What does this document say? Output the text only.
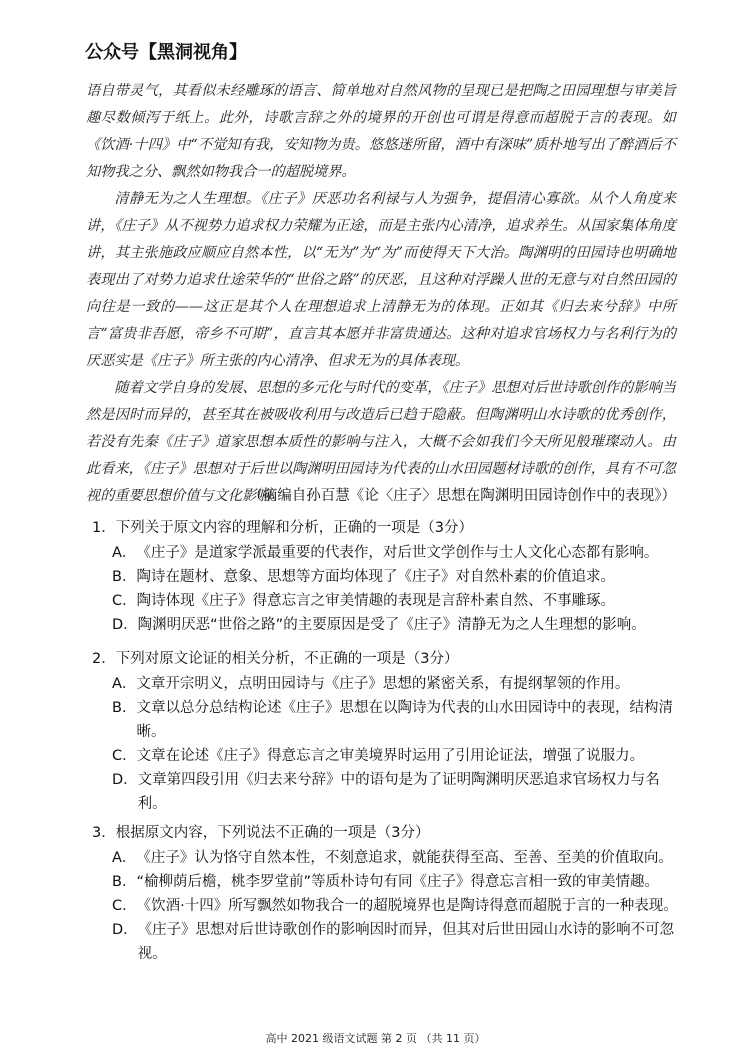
公众号【黑洞视角】

语自带灵气，其看似未经雕琢的语言、简单地对自然风物的呈现已是把陶之田园理想与审美旨趣尽数倾泻于纸上。此外，诗歌言辞之外的境界的开创也可谓是得意而超脱于言的表现。如《饮酒·十四》中“不觉知有我，安知物为贵。悠悠迷所留，酒中有深味”质朴地写出了醉酒后不知物我之分、飘然如物我合一的超脱境界。

清静无为之人生理想。《庄子》厌恶功名利禄与人为强争，提倡清心寡欲。从个人角度来讲，《庄子》从不视势力追求权力荣耀为正途，而是主张内心清净，追求养生。从国家集体角度讲，其主张施政应顺应自然本性，以“无为”为“为”而使得天下大治。陶渊明的田园诗也明确地表现出了对势力追求仕途荣华的“世俗之路”的厌恶，且这种对浮躁人世的无意与对自然田园的向往是一致的——这正是其个人在理想追求上清静无为的体现。正如其《归去来兮辞》中所言“富贵非吾愿，帝乡不可期”，直言其本愿并非富贵通达。这种对追求官场权力与名利行为的厌恶实是《庄子》所主张的内心清净、但求无为的具体表现。

随着文学自身的发展、思想的多元化与时代的变革，《庄子》思想对后世诗歌创作的影响当然是因时而异的，甚至其在被吸收利用与改造后已趋于隐蔽。但陶渊明山水诗歌的优秀创作，若没有先秦《庄子》道家思想本质性的影响与注入，大概不会如我们今天所见般璀璨动人。由此看来，《庄子》思想对于后世以陶渊明田园诗为代表的山水田园题材诗歌的创作，具有不可忽视的重要思想价值与文化影响。

（摘编自孙百慧《论〈庄子〉思想在陶渊明田园诗创作中的表现》）
1．下列关于原文内容的理解和分析，正确的一项是（3分）
A． 《庄子》是道家学派最重要的代表作，对后世文学创作与士人文化心态都有影响。
B． 陶诗在题材、意象、思想等方面均体现了《庄子》对自然朴素的价值追求。
C． 陶诗体现《庄子》得意忘言之审美情趣的表现是言辞朴素自然、不事雕琢。
D． 陶渊明厌恶“世俗之路”的主要原因是受了《庄子》清静无为之人生理想的影响。
2．下列对原文论证的相关分析，不正确的一项是（3分）
A． 文章开宗明义，点明田园诗与《庄子》思想的紧密关系，有提纲挈领的作用。
B． 文章以总分总结构论述《庄子》思想在以陶诗为代表的山水田园诗中的表现，结构清晰。
C． 文章在论述《庄子》得意忘言之审美境界时运用了引用论证法，增强了说服力。
D． 文章第四段引用《归去来兮辞》中的语句是为了证明陶渊明厌恶追求官场权力与名利。
3．根据原文内容，下列说法不正确的一项是（3分）
A． 《庄子》认为恪守自然本性，不刻意追求，就能获得至高、至善、至美的价值取向。
B． “榆柳荫后檐，桃李罗堂前”等质朴诗句有同《庄子》得意忘言相一致的审美情趣。
C． 《饮酒·十四》所写飘然如物我合一的超脱境界也是陶诗得意而超脱于言的一种表现。
D． 《庄子》思想对后世诗歌创作的影响因时而异，但其对后世田园山水诗的影响不可忽视。
高中 2021 级语文试题 第 2 页 （共 11 页）
